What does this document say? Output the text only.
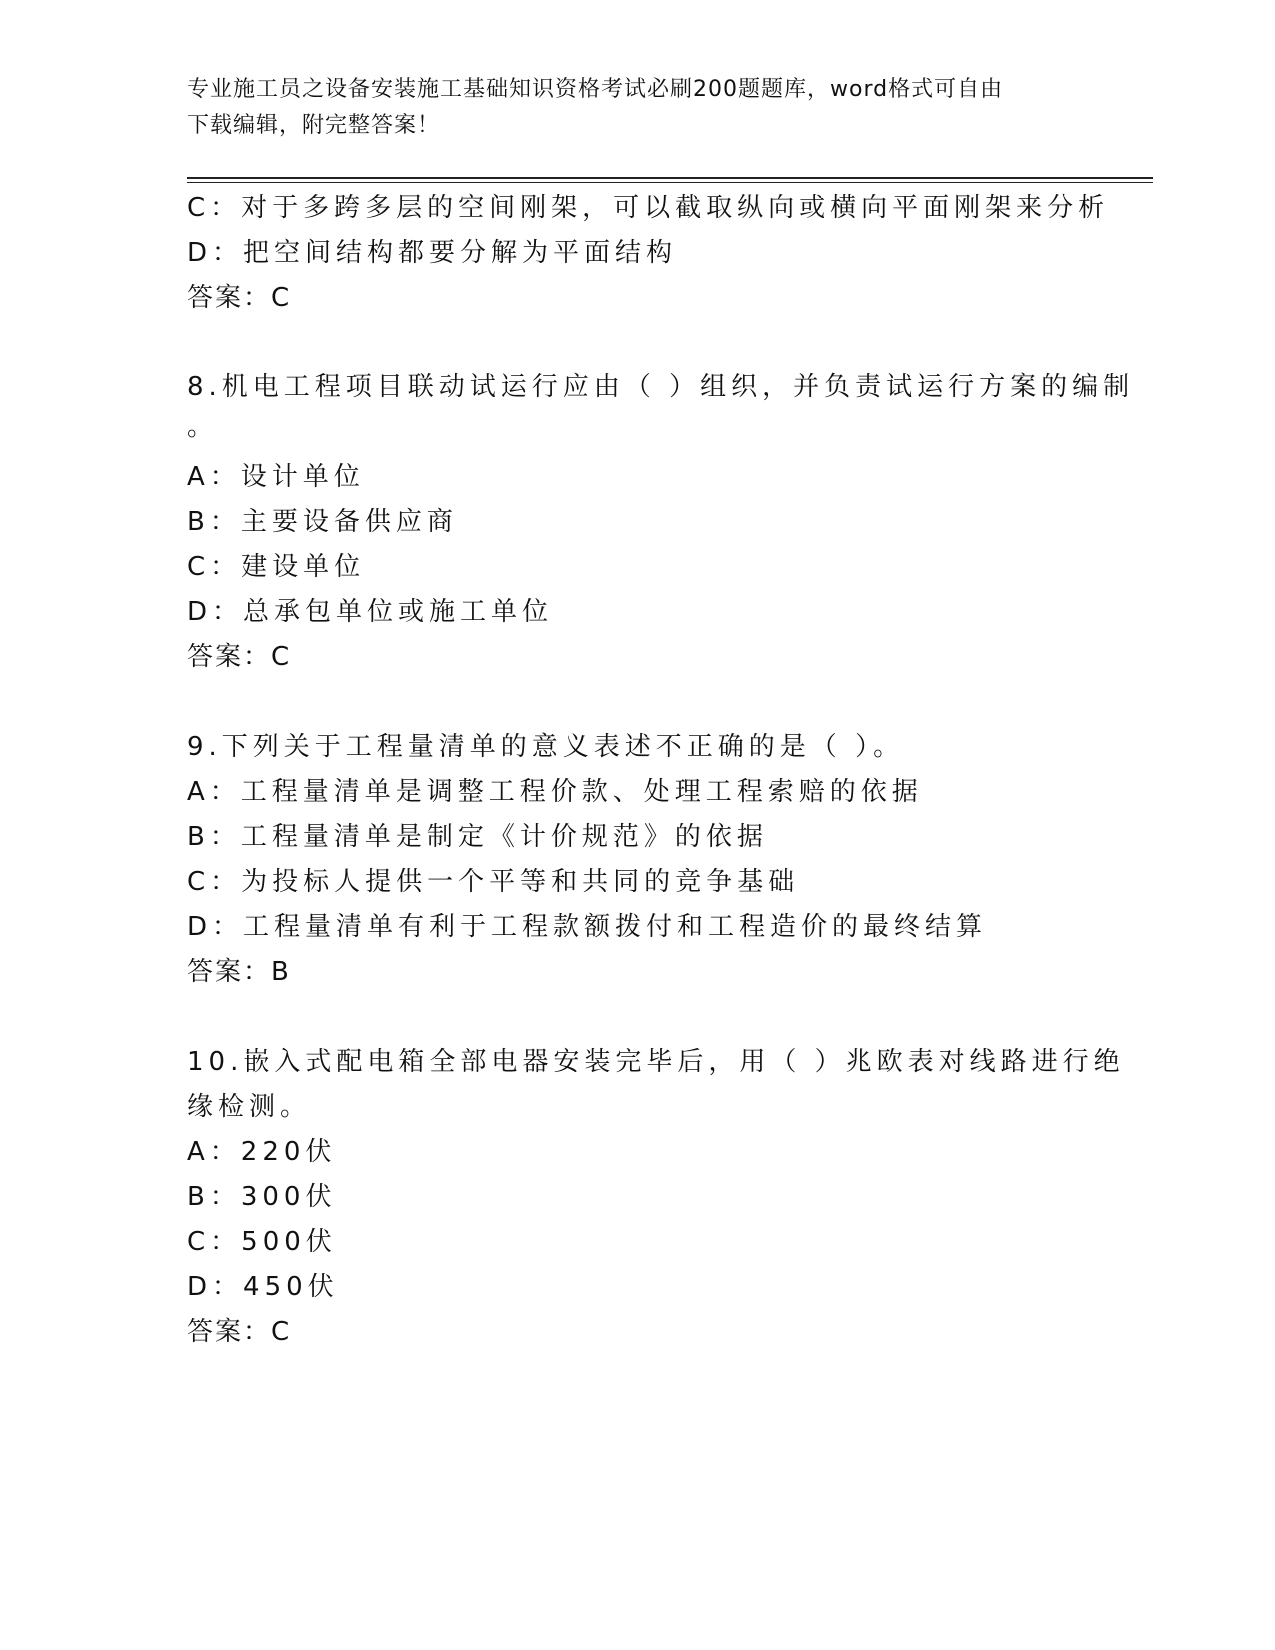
专业施工员之设备安装施工基础知识资格考试必刷200题题库，word格式可自由
下载编辑，附完整答案！
C：对于多跨多层的空间刚架，可以截取纵向或横向平面刚架来分析
D：把空间结构都要分解为平面结构
答案：C
8.机电工程项目联动试运行应由（ ）组织，并负责试运行方案的编制
。
A：设计单位
B：主要设备供应商
C：建设单位
D：总承包单位或施工单位
答案：C
9.下列关于工程量清单的意义表述不正确的是（ ）。
A：工程量清单是调整工程价款、处理工程索赔的依据
B：工程量清单是制定《计价规范》的依据
C：为投标人提供一个平等和共同的竞争基础
D：工程量清单有利于工程款额拨付和工程造价的最终结算
答案：B
10.嵌入式配电箱全部电器安装完毕后，用（ ）兆欧表对线路进行绝
缘检测。
A：220伏
B：300伏
C：500伏
D：450伏
答案：C
